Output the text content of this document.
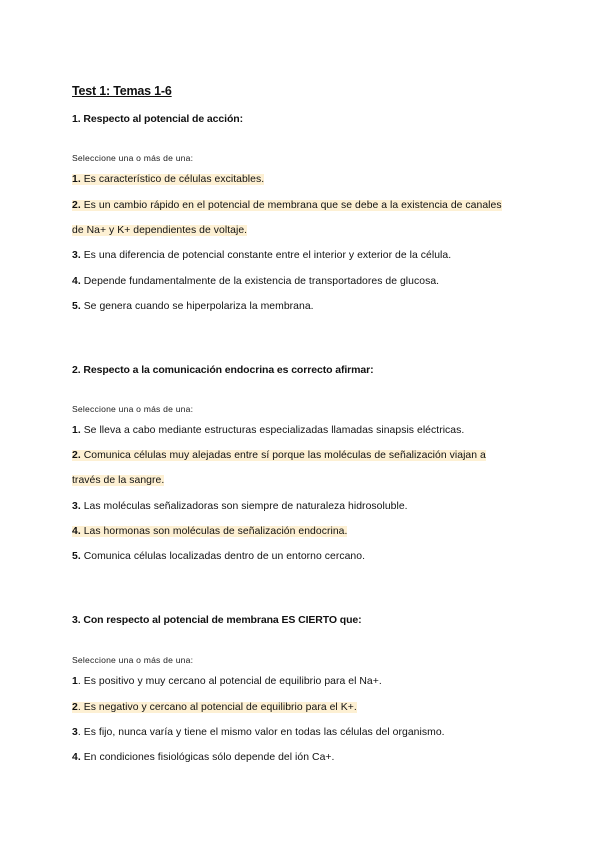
Test 1: Temas 1-6
1. Respecto al potencial de acción:
Seleccione una o más de una:
1. Es característico de células excitables.
2. Es un cambio rápido en el potencial de membrana que se debe a la existencia de canales
de Na+ y K+ dependientes de voltaje.
3. Es una diferencia de potencial constante entre el interior y exterior de la célula.
4. Depende fundamentalmente de la existencia de transportadores de glucosa.
5. Se genera cuando se hiperpolariza la membrana.
2. Respecto a la comunicación endocrina es correcto afirmar:
Seleccione una o más de una:
1. Se lleva a cabo mediante estructuras especializadas llamadas sinapsis eléctricas.
2. Comunica células muy alejadas entre sí porque las moléculas de señalización viajan a
través de la sangre.
3. Las moléculas señalizadoras son siempre de naturaleza hidrosoluble.
4. Las hormonas son moléculas de señalización endocrina.
5. Comunica células localizadas dentro de un entorno cercano.
3. Con respecto al potencial de membrana ES CIERTO que:
Seleccione una o más de una:
1. Es positivo y muy cercano al potencial de equilibrio para el Na+.
2. Es negativo y cercano al potencial de equilibrio para el K+.
3. Es fijo, nunca varía y tiene el mismo valor en todas las células del organismo.
4. En condiciones fisiológicas sólo depende del ión Ca+.
